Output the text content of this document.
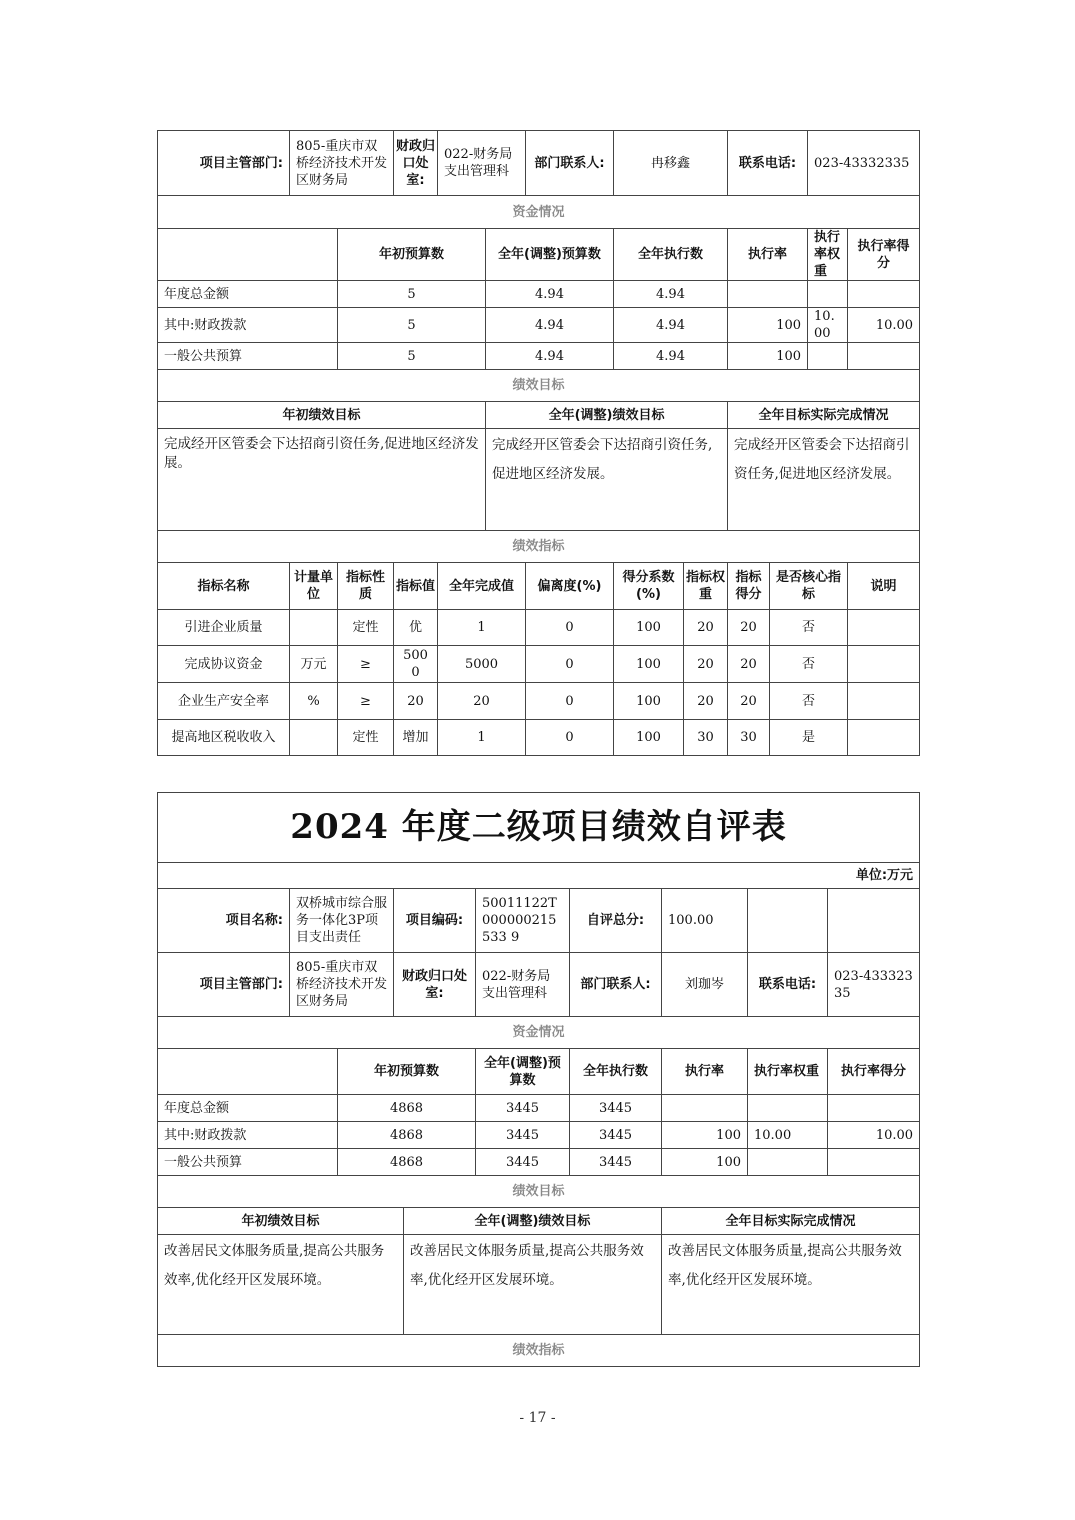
项目主管部门:	805-重庆市双桥经济技术开发区财务局		财政归口处室:	022-财务局支出管理科		部门联系人:	冉移鑫		联系电话:		023-43332335	
资金情况												
		年初预算数			全年(调整)预算数		全年执行数		执行率		执行率权重	执行率得分
年度总金额		5			4.94		4.94					
其中:财政拨款		5			4.94		4.94		100		10.00	10.00
一般公共预算		5			4.94		4.94		100			
绩效目标												
年初绩效目标					全年(调整)绩效目标				全年目标实际完成情况			
完成经开区管委会下达招商引资任务,促进地区经济发展。					完成经开区管委会下达招商引资任务,促进地区经济发展。				完成经开区管委会下达招商引资任务,促进地区经济发展。			
绩效指标												
指标名称	计量单位	指标性质	指标值	全年完成值		偏离度(%)	得分系数(%)	指标权重	指标得分	是否核心指标		说明
引进企业质量		定性	优	1		0	100	20	20	否		
完成协议资金	万元	≥	5000	5000		0	100	20	20	否		
企业生产安全率	%	≥	20	20		0	100	20	20	否		
提高地区税收收入		定性	增加	1		0	100	30	30	是		
2024 年度二级项目绩效自评表									
单位:万元									
项目名称:	双桥城市综合服务一体化3P项目支出责任		项目编码:		50011122T000000215533 9	自评总分:	100.00		
项目主管部门:	805-重庆市双桥经济技术开发区财务局		财政归口处室:		022-财务局支出管理科	部门联系人:	刘珈岑	联系电话:	023-43332335
资金情况									
		年初预算数			全年(调整)预算数	全年执行数	执行率	执行率权重	执行率得分
年度总金额		4868			3445	3445			
其中:财政拨款		4868			3445	3445	100	10.00	10.00
一般公共预算		4868			3445	3445	100		
绩效目标									
年初绩效目标				全年(调整)绩效目标			全年目标实际完成情况		
改善居民文体服务质量,提高公共服务效率,优化经开区发展环境。				改善居民文体服务质量,提高公共服务效率,优化经开区发展环境。			改善居民文体服务质量,提高公共服务效率,优化经开区发展环境。		
绩效指标									
- 17 -
